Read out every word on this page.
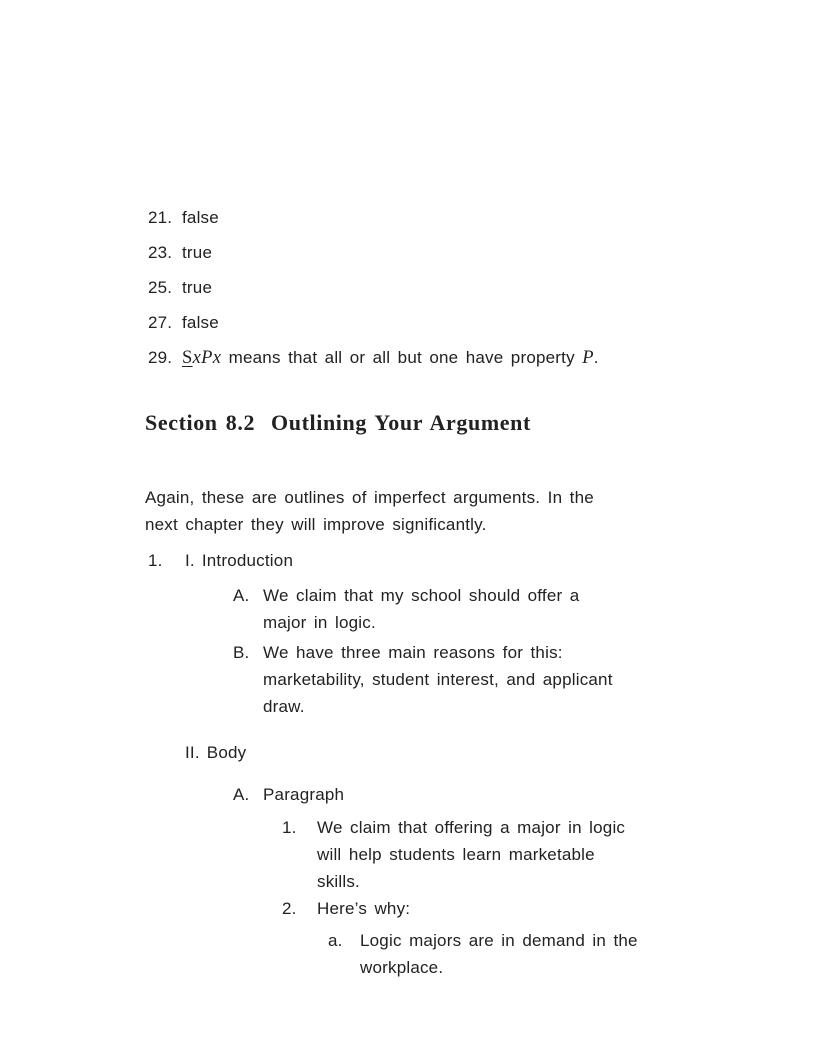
21. false
23. true
25. true
27. false
29. SxPx means that all or all but one have property P.
Section 8.2 Outlining Your Argument

Again, these are outlines of imperfect arguments. In the
next chapter they will improve significantly.

1. I. Introduction
A. We claim that my school should offer a
major in logic.
B. We have three main reasons for this:
marketability, student interest, and applicant
draw.
II. Body
A. Paragraph
1. We claim that offering a major in logic
will help students learn marketable
skills.
2. Here’s why:
a. Logic majors are in demand in the
workplace.
